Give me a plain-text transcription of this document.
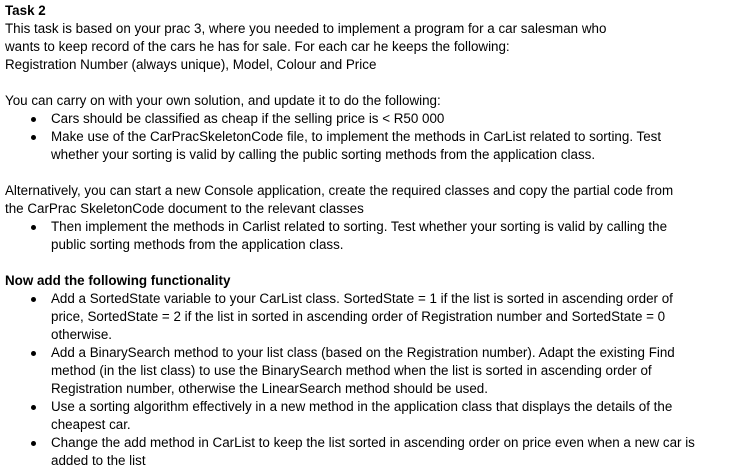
Task 2
This task is based on your prac 3, where you needed to implement a program for a car salesman who
wants to keep record of the cars he has for sale. For each car he keeps the following:
Registration Number (always unique), Model, Colour and Price
You can carry on with your own solution, and update it to do the following:
Cars should be classified as cheap if the selling price is < R50 000
Make use of the CarPracSkeletonCode file, to implement the methods in CarList related to sorting. Test whether your sorting is valid by calling the public sorting methods from the application class.
Alternatively, you can start a new Console application, create the required classes and copy the partial code from the CarPrac SkeletonCode document to the relevant classes
Then implement the methods in Carlist related to sorting. Test whether your sorting is valid by calling the public sorting methods from the application class.
Now add the following functionality
Add a SortedState variable to your CarList class. SortedState = 1 if the list is sorted in ascending order of price, SortedState = 2 if the list in sorted in ascending order of Registration number and SortedState = 0 otherwise.
Add a BinarySearch method to your list class (based on the Registration number). Adapt the existing Find method (in the list class) to use the BinarySearch method when the list is sorted in ascending order of Registration number, otherwise the LinearSearch method should be used.
Use a sorting algorithm effectively in a new method in the application class that displays the details of the cheapest car.
Change the add method in CarList to keep the list sorted in ascending order on price even when a new car is added to the list
